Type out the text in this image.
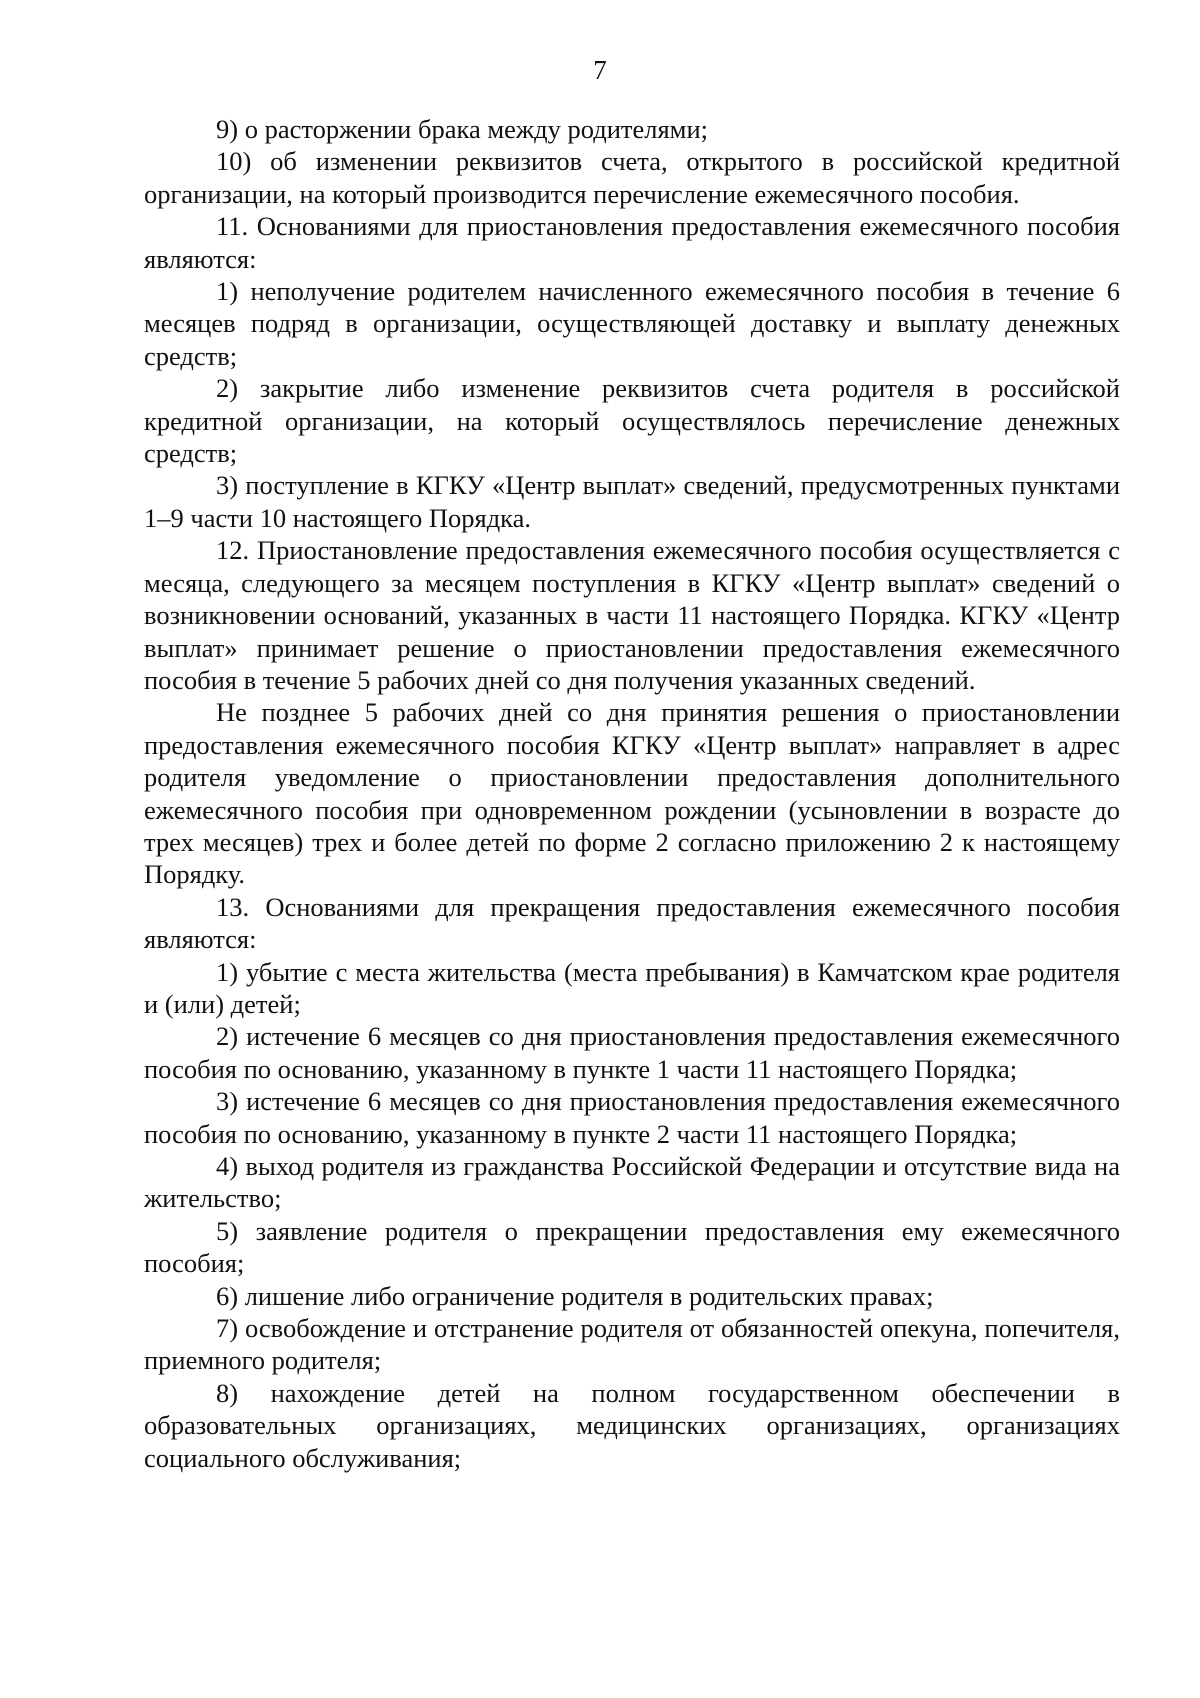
7

9) о расторжении брака между родителями;

10) об изменении реквизитов счета, открытого в российской кредитной организации, на который производится перечисление ежемесячного пособия.

11. Основаниями для приостановления предоставления ежемесячного пособия являются:

1) неполучение родителем начисленного ежемесячного пособия в течение 6 месяцев подряд в организации, осуществляющей доставку и выплату денежных средств;

2) закрытие либо изменение реквизитов счета родителя в российской кредитной организации, на который осуществлялось перечисление денежных средств;

3) поступление в КГКУ «Центр выплат» сведений, предусмотренных пунктами 1–9 части 10 настоящего Порядка.

12. Приостановление предоставления ежемесячного пособия осуществляется с месяца, следующего за месяцем поступления в КГКУ «Центр выплат» сведений о возникновении оснований, указанных в части 11 настоящего Порядка. КГКУ «Центр выплат» принимает решение о приостановлении предоставления ежемесячного пособия в течение 5 рабочих дней со дня получения указанных сведений.

Не позднее 5 рабочих дней со дня принятия решения о приостановлении предоставления ежемесячного пособия КГКУ «Центр выплат» направляет в адрес родителя уведомление о приостановлении предоставления дополнительного ежемесячного пособия при одновременном рождении (усыновлении в возрасте до трех месяцев) трех и более детей по форме 2 согласно приложению 2 к настоящему Порядку.

13. Основаниями для прекращения предоставления ежемесячного пособия являются:

1) убытие с места жительства (места пребывания) в Камчатском крае родителя и (или) детей;

2) истечение 6 месяцев со дня приостановления предоставления ежемесячного пособия по основанию, указанному в пункте 1 части 11 настоящего Порядка;

3) истечение 6 месяцев со дня приостановления предоставления ежемесячного пособия по основанию, указанному в пункте 2 части 11 настоящего Порядка;

4) выход родителя из гражданства Российской Федерации и отсутствие вида на жительство;

5) заявление родителя о прекращении предоставления ему ежемесячного пособия;

6) лишение либо ограничение родителя в родительских правах;

7) освобождение и отстранение родителя от обязанностей опекуна, попечителя, приемного родителя;

8) нахождение детей на полном государственном обеспечении в образовательных организациях, медицинских организациях, организациях социального обслуживания;
